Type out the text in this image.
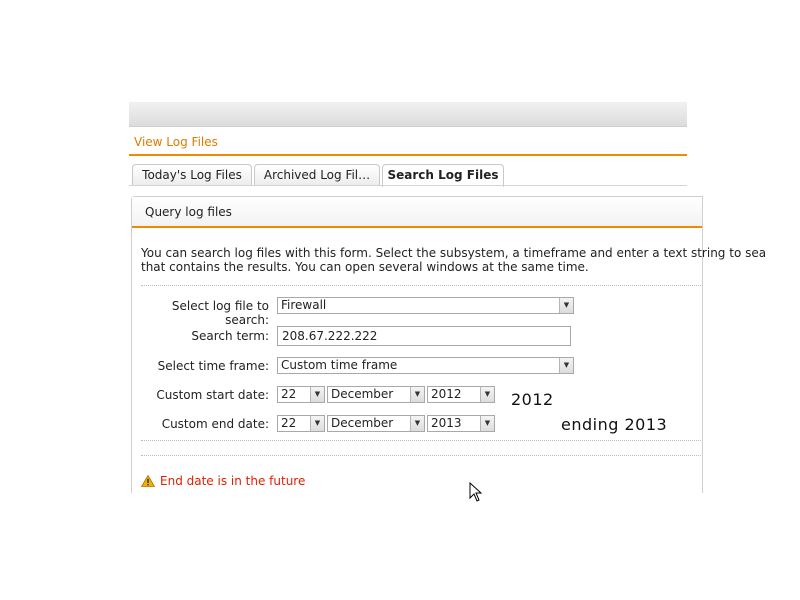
View Log Files
Today's Log Files	Archived Log Fil…	Search Log Files
Query log files
You can search log files with this form. Select the subsystem, a timeframe and enter a text string to sea
that contains the results. You can open several windows at the same time.
Select log file to search:
Firewall	▼
Search term:
208.67.222.222
Select time frame:	Custom time frame	▼
Custom start date:	22	▼ December	▼ 2012	▼
Custom end date:	22	▼ December	▼ 2013	▼
End date is in the future
2012
ending 2013
